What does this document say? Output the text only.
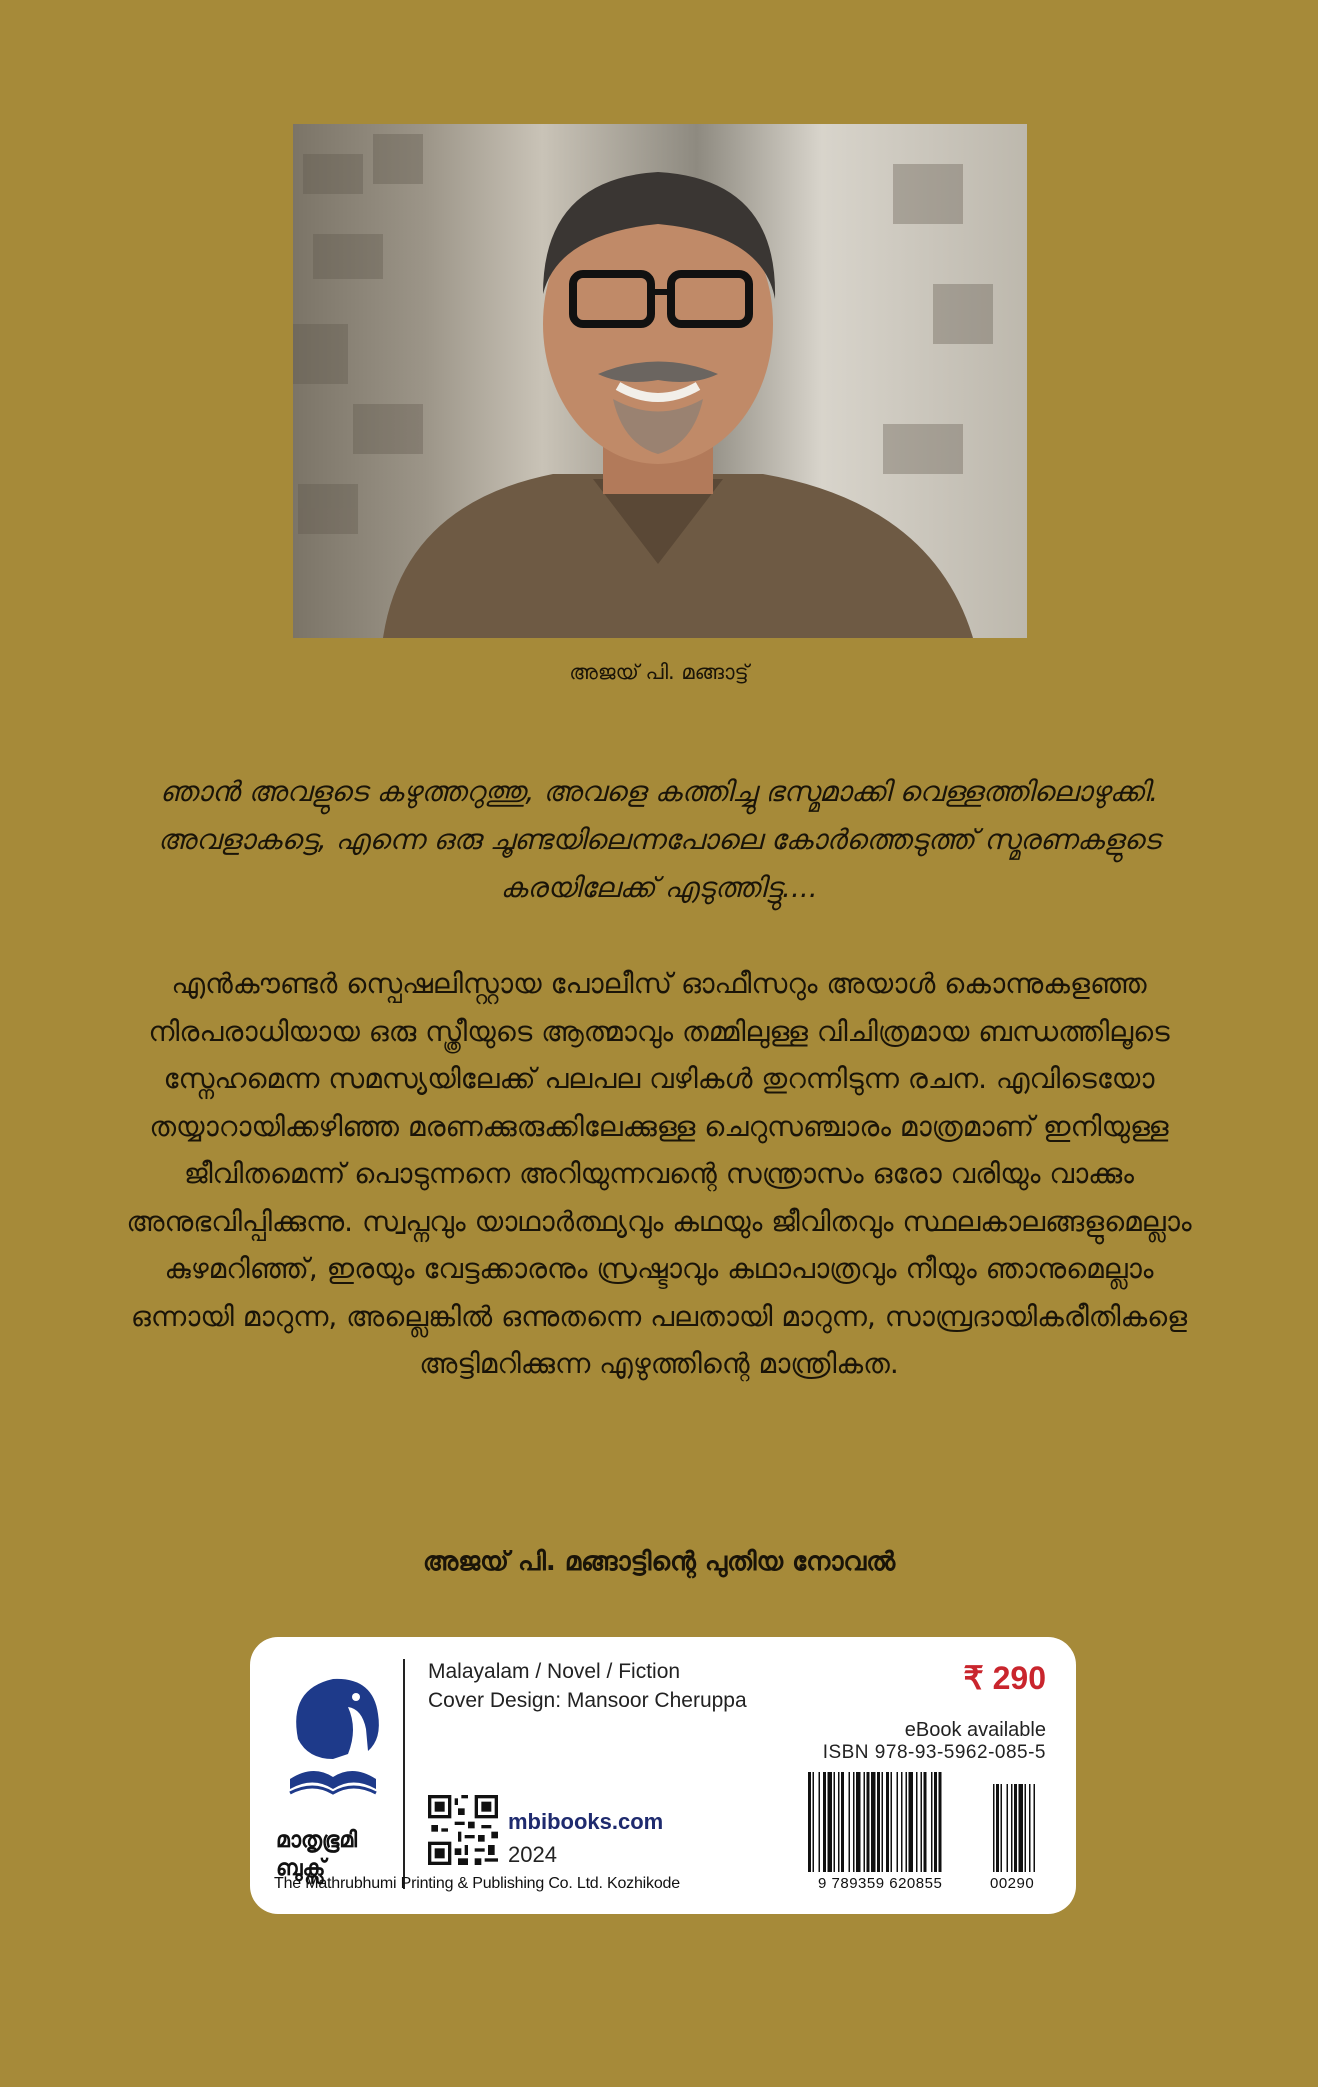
അജയ് പി. മങ്ങാട്ട്
ഞാൻ അവളുടെ കഴുത്തറുത്തു, അവളെ കത്തിച്ചു ഭസ്മമാക്കി വെള്ളത്തിലൊഴുക്കി. അവളാകട്ടെ, എന്നെ ഒരു ചൂണ്ടയിലെന്നപോലെ കോർത്തെടുത്ത് സ്മരണകളുടെ കരയിലേക്ക് എടുത്തിട്ടു....
എൻകൗണ്ടർ സ്പെഷലിസ്റ്റായ പോലീസ് ഓഫീസറും അയാൾ കൊന്നുകളഞ്ഞ നിരപരാധിയായ ഒരു സ്ത്രീയുടെ ആത്മാവും തമ്മിലുള്ള വിചിത്രമായ ബന്ധത്തിലൂടെ സ്നേഹമെന്ന സമസ്യയിലേക്ക് പലപല വഴികൾ തുറന്നിടുന്ന രചന. എവിടെയോ തയ്യാറായിക്കഴിഞ്ഞ മരണക്കുരുക്കിലേക്കുള്ള ചെറുസഞ്ചാരം മാത്രമാണ് ഇനിയുള്ള ജീവിതമെന്ന് പൊടുന്നനെ അറിയുന്നവന്റെ സന്ത്രാസം ഒരോ വരിയും വാക്കും അനുഭവിപ്പിക്കുന്നു. സ്വപ്നവും യാഥാർത്ഥ്യവും കഥയും ജീവിതവും സ്ഥലകാലങ്ങളുമെല്ലാം കുഴമറിഞ്ഞ്, ഇരയും വേട്ടക്കാരനും സ്രഷ്ടാവും കഥാപാത്രവും നീയും ഞാനുമെല്ലാം ഒന്നായി മാറുന്ന, അല്ലെങ്കിൽ ഒന്നുതന്നെ പലതായി മാറുന്ന, സാമ്പ്രദായികരീതികളെ അട്ടിമറിക്കുന്ന എഴുത്തിന്റെ മാന്ത്രികത.
അജയ് പി. മങ്ങാട്ടിന്റെ പുതിയ നോവൽ
മാതൃഭൂമി
ബുക്സ്
The Mathrubhumi Printing & Publishing Co. Ltd. Kozhikode
Malayalam / Novel / Fiction
Cover Design: Mansoor Cheruppa
₹ 290
eBook available
ISBN 978-93-5962-085-5
mbibooks.com
2024
9 789359 620855	00290
